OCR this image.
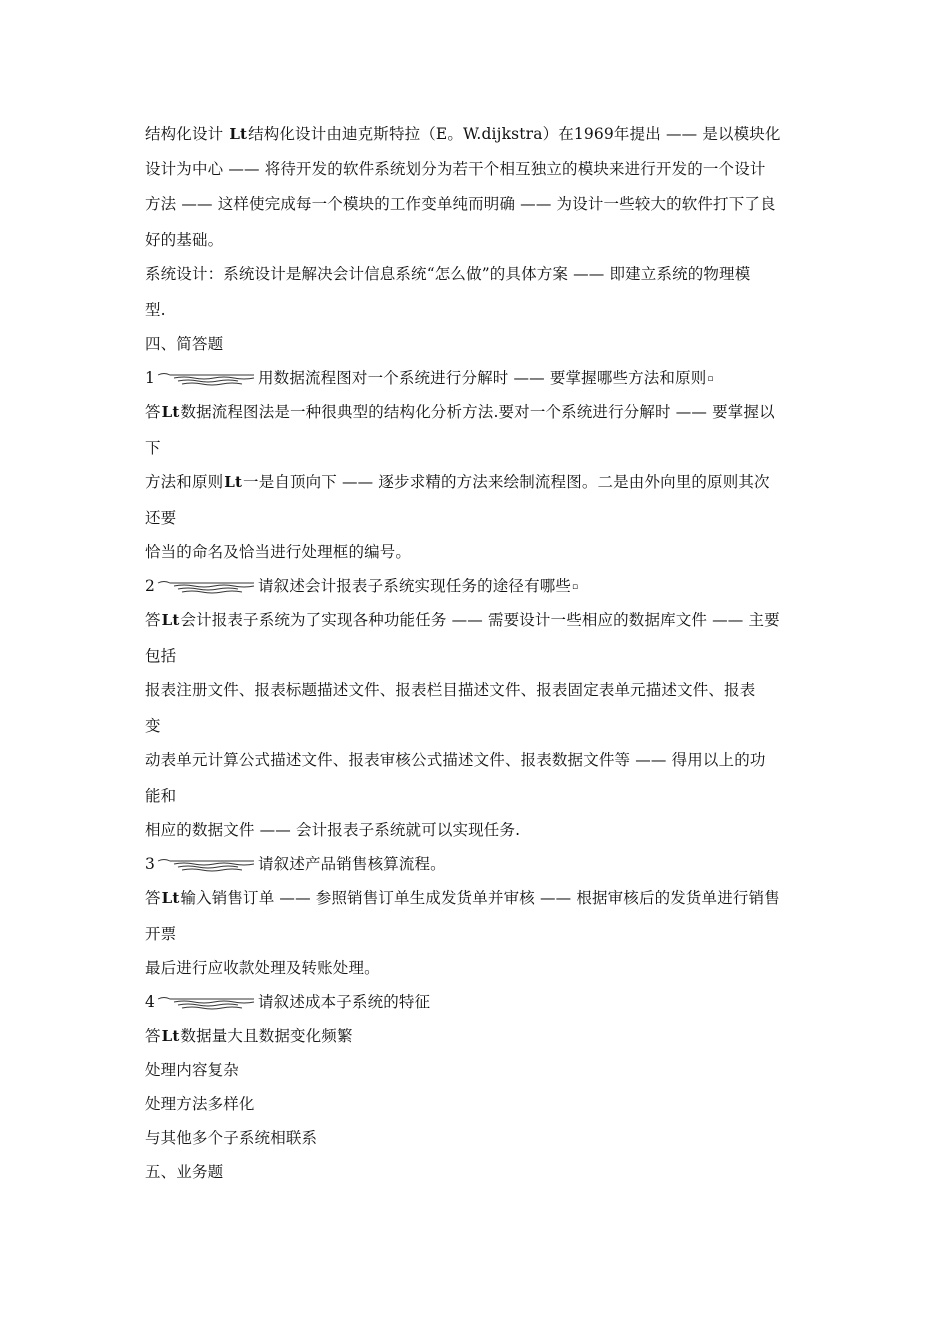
结构化设计 Lt结构化设计由迪克斯特拉（E。W.dijkstra）在1969年提出 —— 是以模块化
设计为中心 —— 将待开发的软件系统划分为若干个相互独立的模块来进行开发的一个设计
方法 —— 这样使完成每一个模块的工作变单纯而明确 —— 为设计一些较大的软件打下了良
好的基础。
系统设计：系统设计是解决会计信息系统“怎么做”的具体方案 —— 即建立系统的物理模
型.
四、简答题
1	用数据流程图对一个系统进行分解时 —— 要掌握哪些方法和原则▫
答Lt数据流程图法是一种很典型的结构化分析方法.要对一个系统进行分解时 —— 要掌握以
下
方法和原则Lt一是自顶向下 —— 逐步求精的方法来绘制流程图。二是由外向里的原则其次
还要
恰当的命名及恰当进行处理框的编号。
2	请叙述会计报表子系统实现任务的途径有哪些▫
答Lt会计报表子系统为了实现各种功能任务 —— 需要设计一些相应的数据库文件 —— 主要
包括
报表注册文件、报表标题描述文件、报表栏目描述文件、报表固定表单元描述文件、报表
变
动表单元计算公式描述文件、报表审核公式描述文件、报表数据文件等 —— 得用以上的功
能和
相应的数据文件 —— 会计报表子系统就可以实现任务.
3	请叙述产品销售核算流程。
答Lt输入销售订单 —— 参照销售订单生成发货单并审核 —— 根据审核后的发货单进行销售
开票
最后进行应收款处理及转账处理。
4	请叙述成本子系统的特征
答Lt数据量大且数据变化频繁
处理内容复杂
处理方法多样化
与其他多个子系统相联系
五、业务题
